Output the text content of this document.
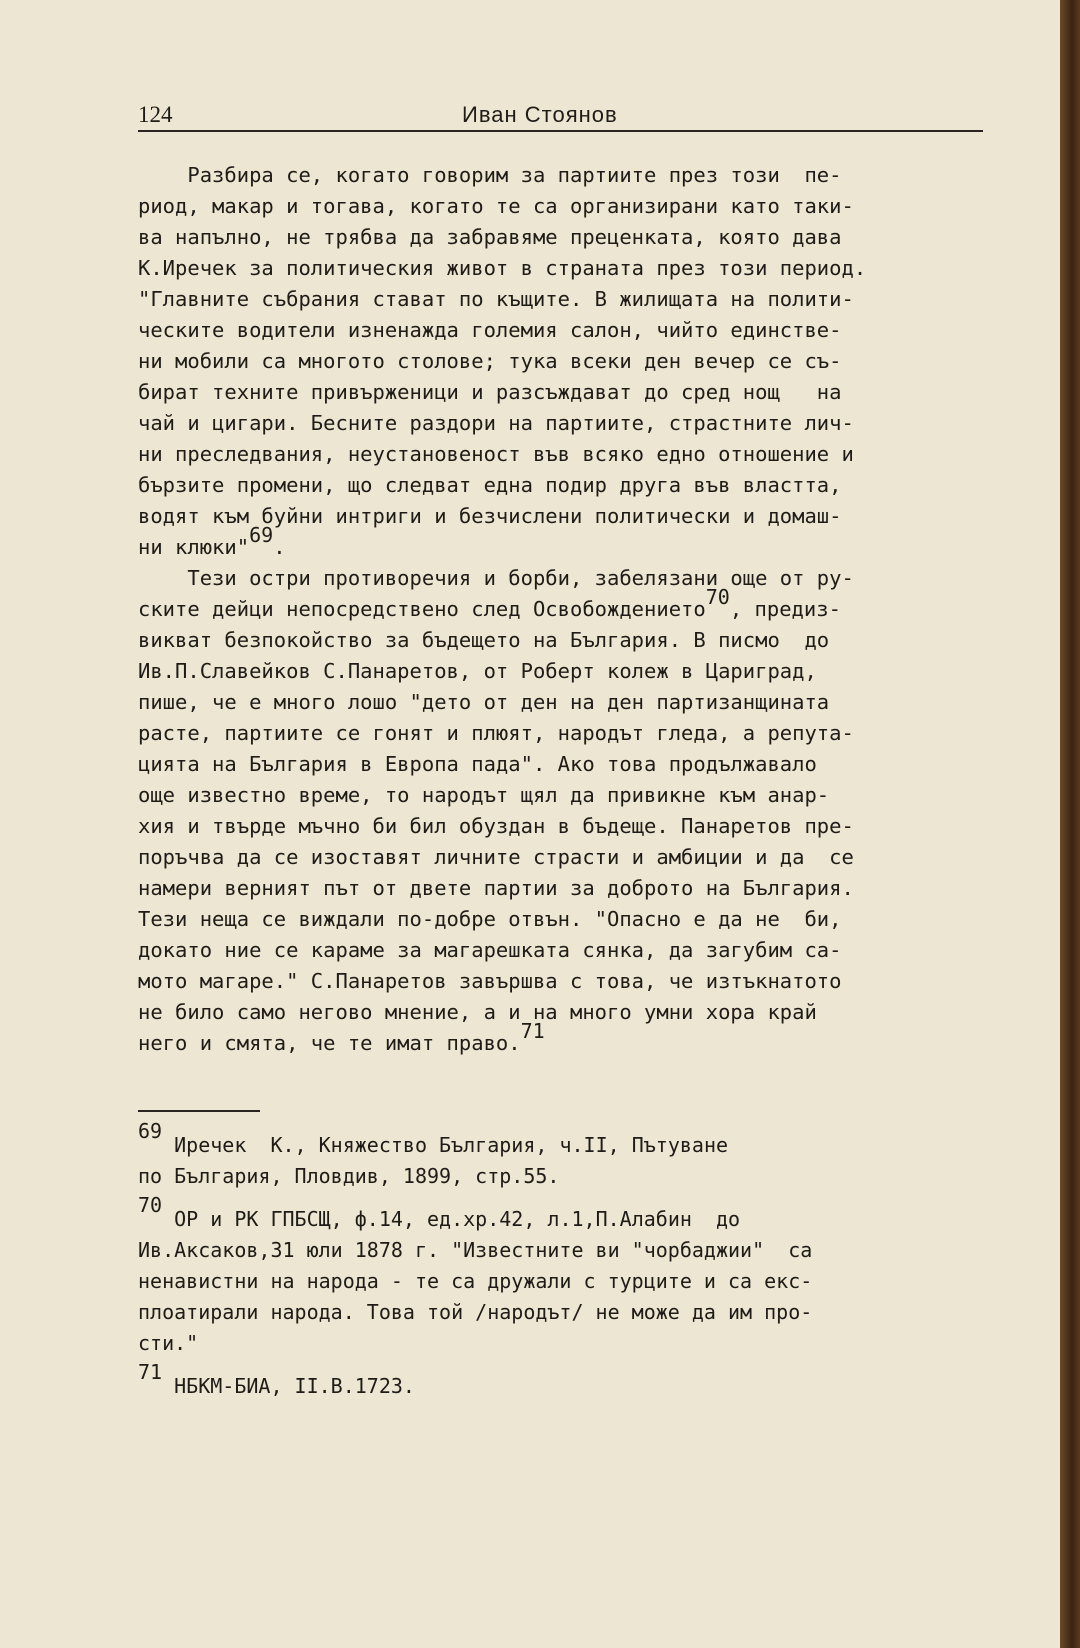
124	Иван Стоянов
Разбира се, когато говорим за партиите през този  пе-
риод, макар и тогава, когато те са организирани като таки-
ва напълно, не трябва да забравяме преценката, която дава
К.Иречек за политическия живот в страната през този период.
"Главните събрания стават по къщите. В жилищата на полити-
ческите водители изненажда големия салон, чийто единстве-
ни мобили са многото столове; тука всеки ден вечер се съ-
бират техните привърженици и разсъждават до сред нощ   на
чай и цигари. Бесните раздори на партиите, страстните лич-
ни преследвания, неустановеност във всяко едно отношение и
бързите промени, що следват една подир друга във властта,
водят към буйни интриги и безчислени политически и домаш-
ни клюки"$^{69}$.
Тези остри противоречия и борби, забелязани още от ру-
ските дейци непосредствено след Освобождението$^{70}$, предиз-
викват безпокойство за бъдещето на България. В писмо  до
Ив.П.Славейков С.Панаретов, от Роберт колеж в Цариград,
пише, че е много лошо "дето от ден на ден партизанщината
расте, партиите се гонят и плюят, народът гледа, а репута-
цията на България в Европа пада". Ако това продължавало
още известно време, то народът щял да привикне към анар-
хия и твърде мъчно би бил обуздан в бъдеще. Панаретов пре-
поръчва да се изоставят личните страсти и амбиции и да  се
намери верният път от двете партии за доброто на България.
Тези неща се виждали по-добре отвън. "Опасно е да не  би,
докато ние се караме за магарешката сянка, да загубим са-
мото магаре." С.Панаретов завършва с това, че изтъкнатото
не било само негово мнение, а и на много умни хора край
него и смята, че те имат право.$^{71}$
$^{69}$ Иречек  К., Княжество България, ч.II, Пътуване
по България, Пловдив, 1899, стр.55.
$^{70}$ ОР и РК ГПБСЩ, ф.14, ед.хр.42, л.1,П.Алабин  до
Ив.Аксаков,31 юли 1878 г. "Известните ви "чорбаджии"  са
ненавистни на народа - те са дружали с турците и са екс-
плоатирали народа. Това той /народът/ не може да им про-
сти."
$^{71}$ НБКМ-БИА, II.В.1723.
